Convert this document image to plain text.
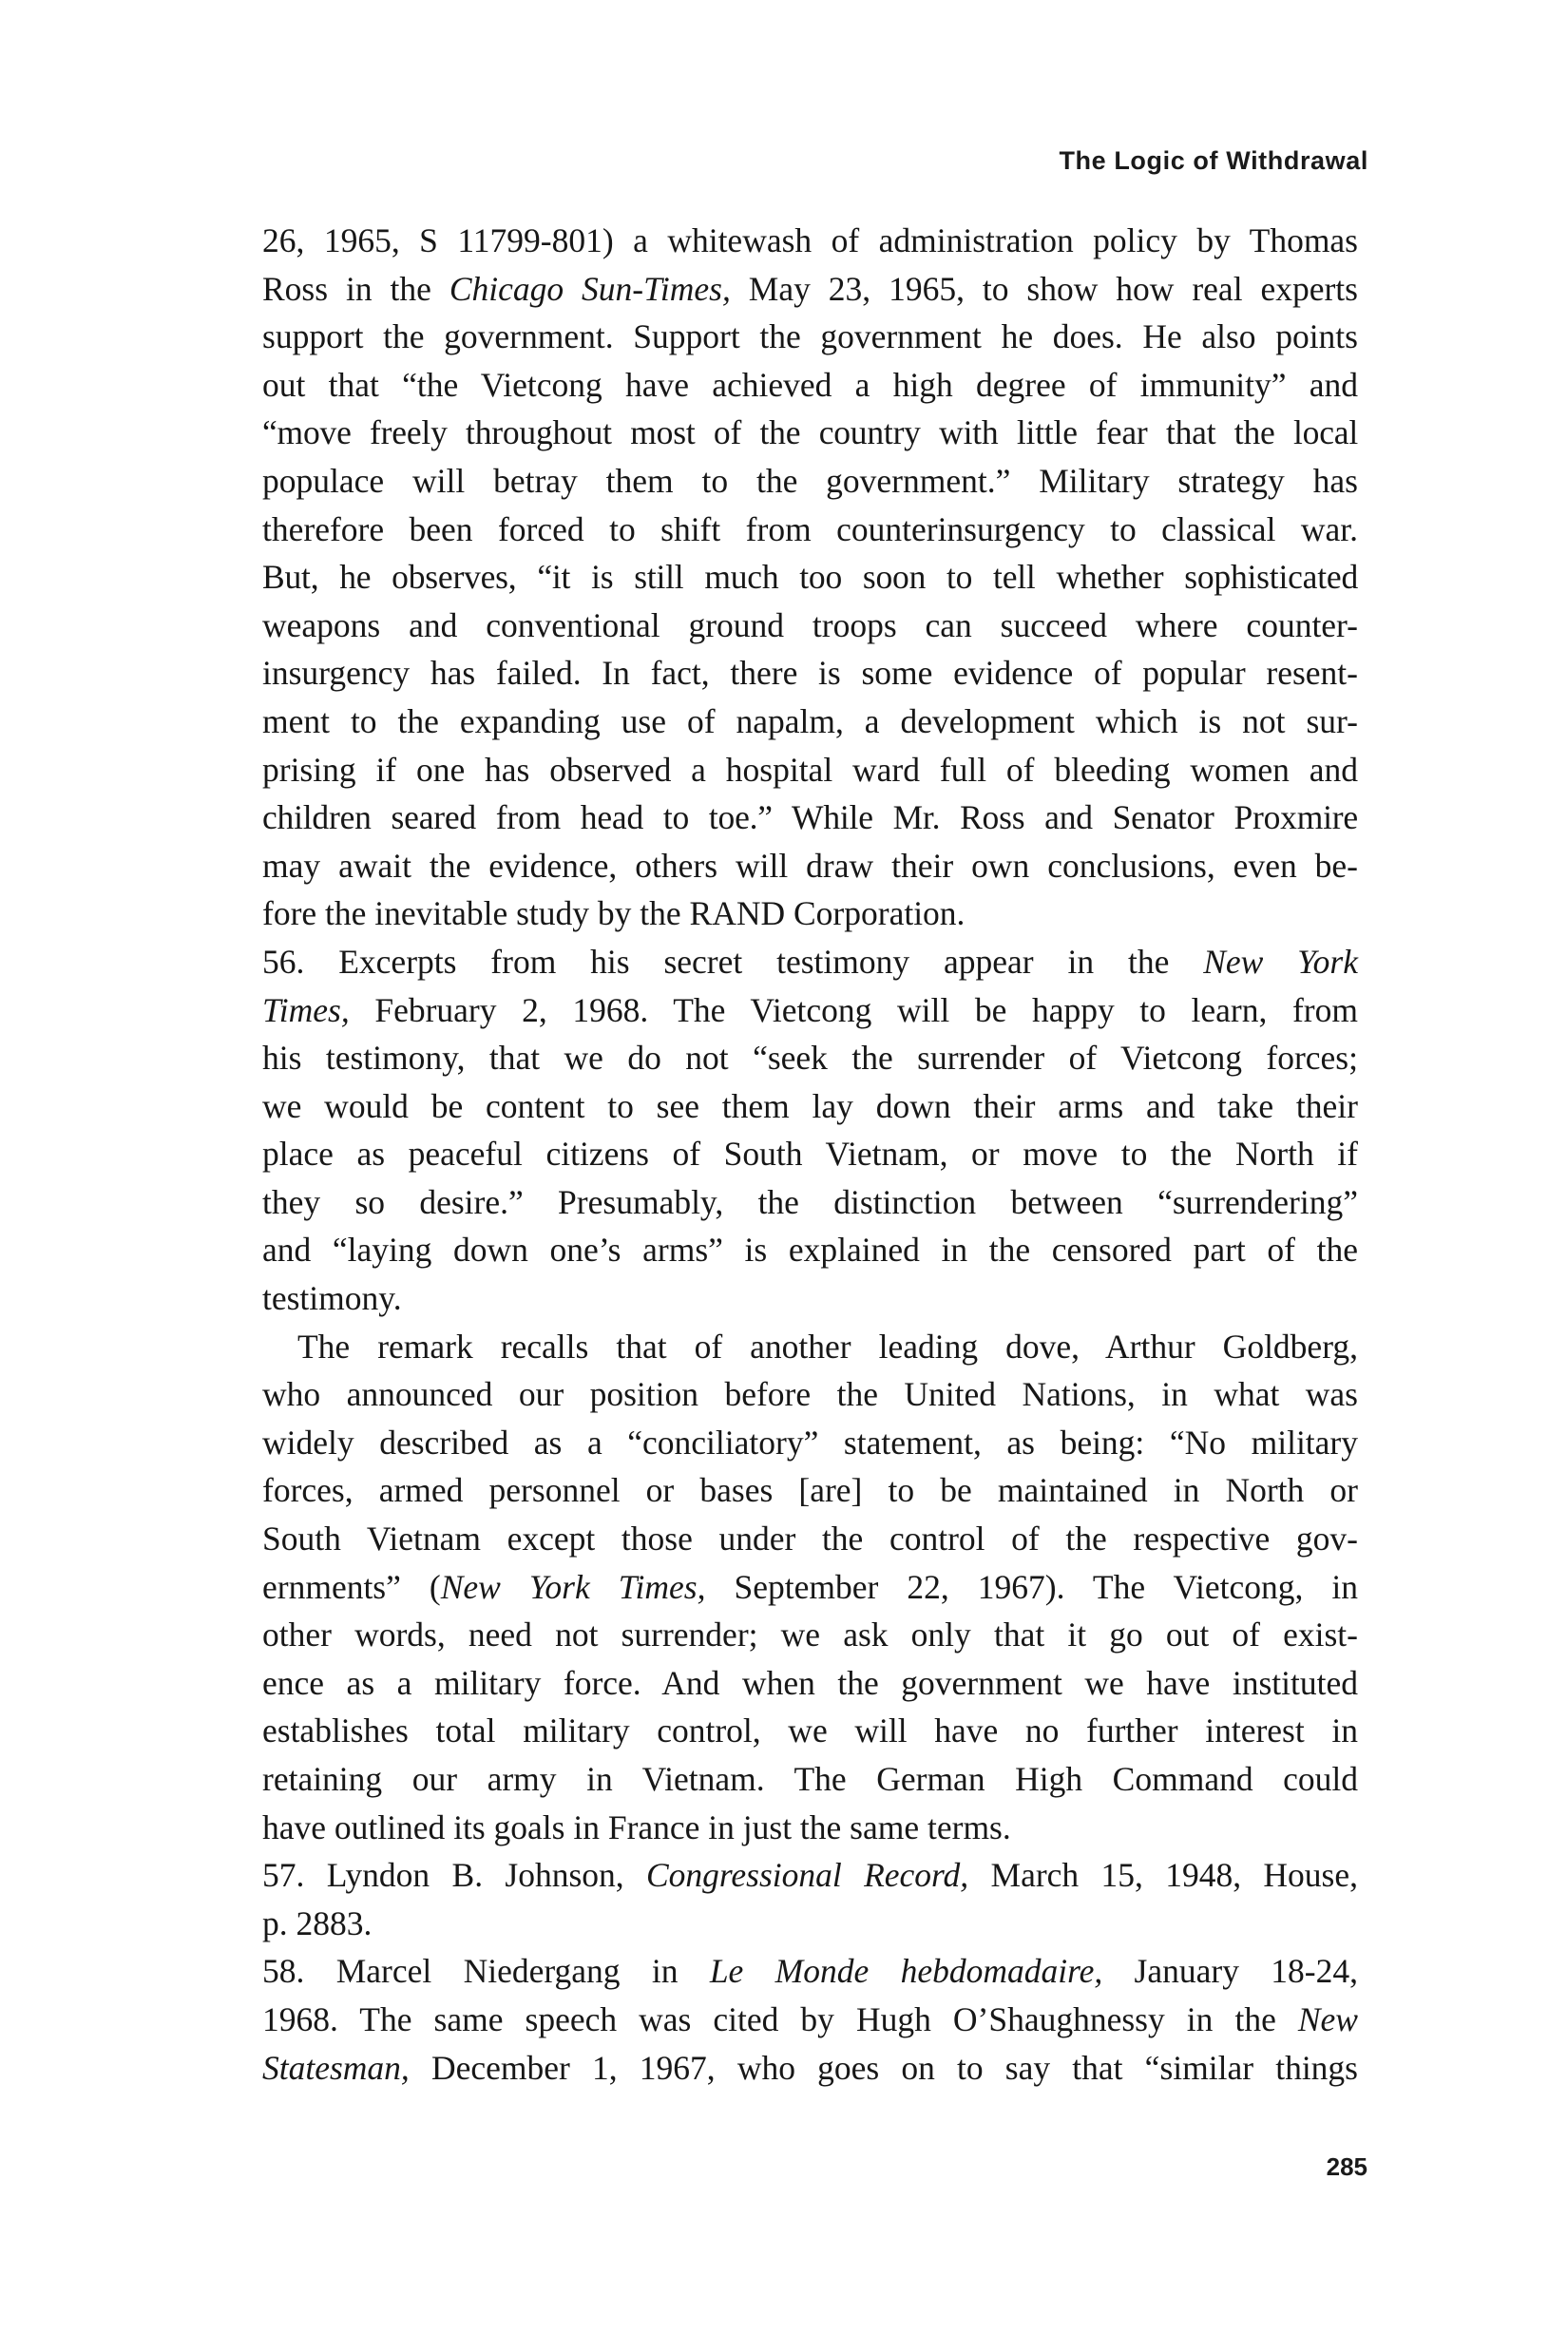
The Logic of Withdrawal
26, 1965, S 11799-801) a whitewash of administration policy by Thomas
Ross in the Chicago Sun-Times, May 23, 1965, to show how real experts
support the government. Support the government he does. He also points
out that “the Vietcong have achieved a high degree of immunity” and
“move freely throughout most of the country with little fear that the local
populace will betray them to the government.” Military strategy has
therefore been forced to shift from counterinsurgency to classical war.
But, he observes, “it is still much too soon to tell whether sophisticated
weapons and conventional ground troops can succeed where counter-
insurgency has failed. In fact, there is some evidence of popular resent-
ment to the expanding use of napalm, a development which is not sur-
prising if one has observed a hospital ward full of bleeding women and
children seared from head to toe.” While Mr. Ross and Senator Proxmire
may await the evidence, others will draw their own conclusions, even be-
fore the inevitable study by the RAND Corporation.
56. Excerpts from his secret testimony appear in the New York
Times, February 2, 1968. The Vietcong will be happy to learn, from
his testimony, that we do not “seek the surrender of Vietcong forces;
we would be content to see them lay down their arms and take their
place as peaceful citizens of South Vietnam, or move to the North if
they so desire.” Presumably, the distinction between “surrendering”
and “laying down one’s arms” is explained in the censored part of the
testimony.
The remark recalls that of another leading dove, Arthur Goldberg,
who announced our position before the United Nations, in what was
widely described as a “conciliatory” statement, as being: “No military
forces, armed personnel or bases [are] to be maintained in North or
South Vietnam except those under the control of the respective gov-
ernments” (New York Times, September 22, 1967). The Vietcong, in
other words, need not surrender; we ask only that it go out of exist-
ence as a military force. And when the government we have instituted
establishes total military control, we will have no further interest in
retaining our army in Vietnam. The German High Command could
have outlined its goals in France in just the same terms.
57. Lyndon B. Johnson, Congressional Record, March 15, 1948, House,
p. 2883.
58. Marcel Niedergang in Le Monde hebdomadaire, January 18-24,
1968. The same speech was cited by Hugh O’Shaughnessy in the New
Statesman, December 1, 1967, who goes on to say that “similar things
285
